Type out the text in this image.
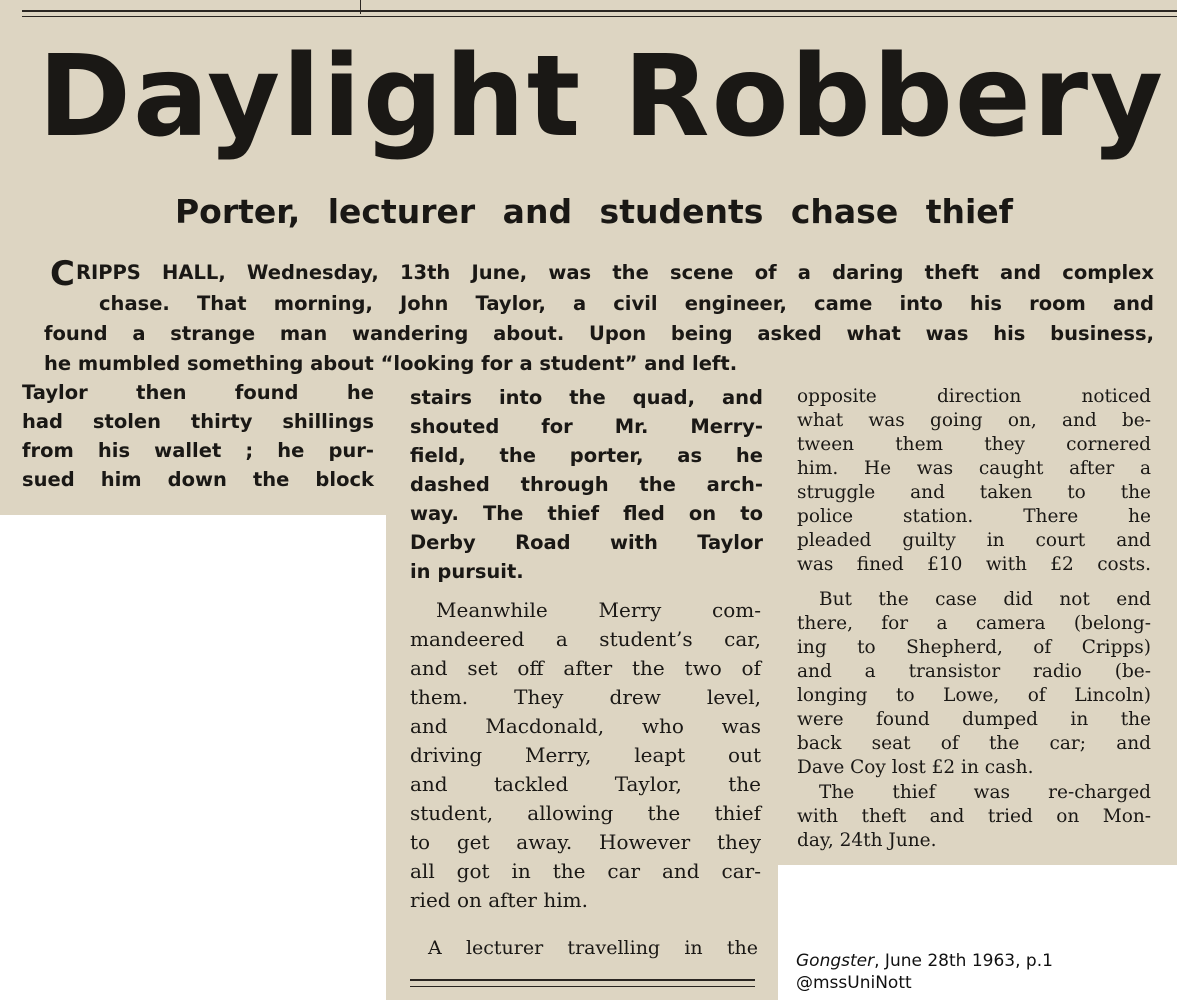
Daylight Robbery
Porter, lecturer and students chase thief
CRIPPS HALL, Wednesday, 13th June, was the scene of a daring theft and complex
chase. That morning, John Taylor, a civil engineer, came into his room and
found a strange man wandering about. Upon being asked what was his business,
he mumbled something about “looking for a student” and left.
Taylor then found he
had stolen thirty shillings
from his wallet ; he pur-
sued him down the block
stairs into the quad, and
shouted for Mr. Merry-
field, the porter, as he
dashed through the arch-
way. The thief fled on to
Derby Road with Taylor
in pursuit.
Meanwhile Merry com-
mandeered a student’s car,
and set off after the two of
them. They drew level,
and Macdonald, who was
driving Merry, leapt out
and tackled Taylor, the
student, allowing the thief
to get away. However they
all got in the car and car-
ried on after him.
A lecturer travelling in the
opposite direction noticed
what was going on, and be-
tween them they cornered
him. He was caught after a
struggle and taken to the
police station. There he
pleaded guilty in court and
was fined £10 with £2 costs.
But the case did not end
there, for a camera (belong-
ing to Shepherd, of Cripps)
and a transistor radio (be-
longing to Lowe, of Lincoln)
were found dumped in the
back seat of the car; and
Dave Coy lost £2 in cash.
The thief was re-charged
with theft and tried on Mon-
day, 24th June.
Gongster, June 28th 1963, p.1
@mssUniNott
